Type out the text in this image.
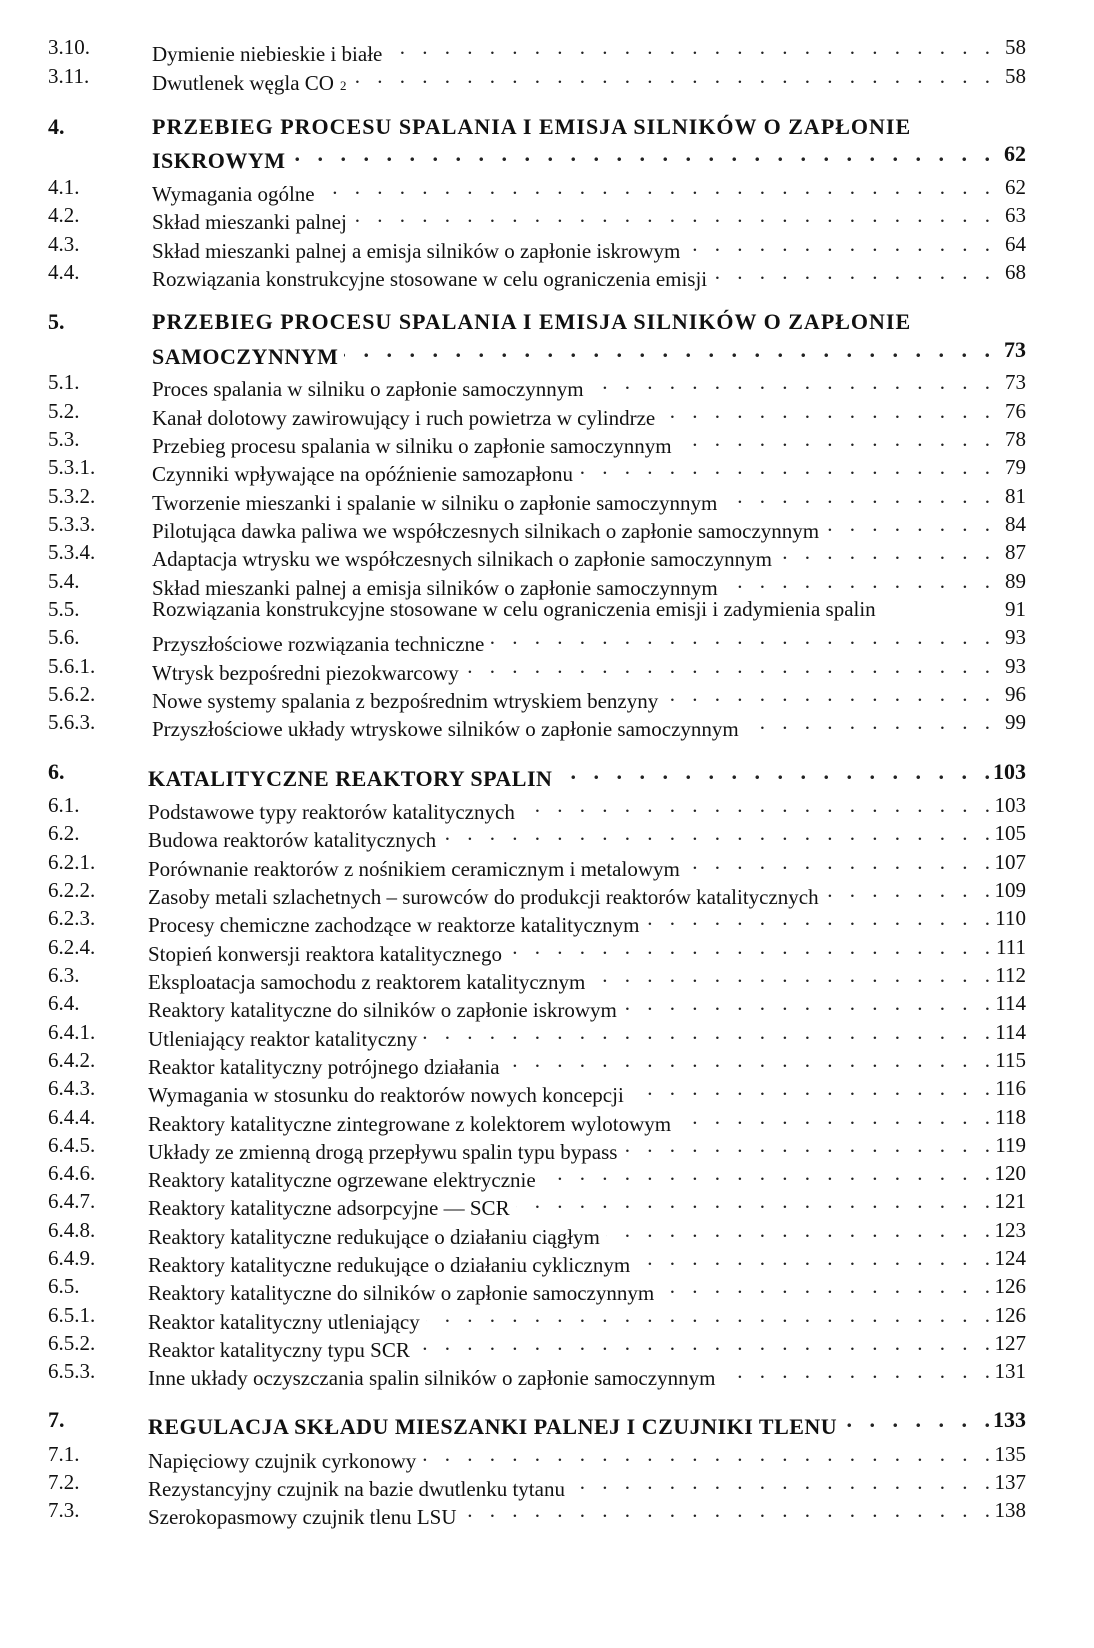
3.10.	Dymienie niebieskie i białe . . .	58
3.11.	Dwutlenek węgla CO 2 . . .	58
4.	PRZEBIEG PROCESU SPALANIA I EMISJA SILNIKÓW O ZAPŁONIE
ISKROWYM . . .	62
4.1.	Wymagania ogólne . . .	62
4.2.	Skład mieszanki palnej . . .	63
4.3.	Skład mieszanki palnej a emisja silników o zapłonie iskrowym . . .	64
4.4.	Rozwiązania konstrukcyjne stosowane w celu ograniczenia emisji . . .	68
5.	PRZEBIEG PROCESU SPALANIA I EMISJA SILNIKÓW O ZAPŁONIE
SAMOCZYNNYM . . .	73
5.1.	Proces spalania w silniku o zapłonie samoczynnym . . .	73
5.2.	Kanał dolotowy zawirowujący i ruch powietrza w cylindrze . . .	76
5.3.	Przebieg procesu spalania w silniku o zapłonie samoczynnym . . .	78
5.3.1.	Czynniki wpływające na opóźnienie samozapłonu . . .	79
5.3.2.	Tworzenie mieszanki i spalanie w silniku o zapłonie samoczynnym . . .	81
5.3.3.	Pilotująca dawka paliwa we współczesnych silnikach o zapłonie samoczynnym . . .	84
5.3.4.	Adaptacja wtrysku we współczesnych silnikach o zapłonie samoczynnym . . .	87
5.4.	Skład mieszanki palnej a emisja silników o zapłonie samoczynnym . . .	89
5.5.	Rozwiązania konstrukcyjne stosowane w celu ograniczenia emisji i zadymienia spalin	91
5.6.	Przyszłościowe rozwiązania techniczne . . .	93
5.6.1.	Wtrysk bezpośredni piezokwarcowy . . .	93
5.6.2.	Nowe systemy spalania z bezpośrednim wtryskiem benzyny . . .	96
5.6.3.	Przyszłościowe układy wtryskowe silników o zapłonie samoczynnym . . .	99
6.	KATALITYCZNE REAKTORY SPALIN . . .	103
6.1.	Podstawowe typy reaktorów katalitycznych . . .	103
6.2.	Budowa reaktorów katalitycznych . . .	105
6.2.1.	Porównanie reaktorów z nośnikiem ceramicznym i metalowym . . .	107
6.2.2.	Zasoby metali szlachetnych – surowców do produkcji reaktorów katalitycznych . . .	109
6.2.3.	Procesy chemiczne zachodzące w reaktorze katalitycznym . . .	110
6.2.4.	Stopień konwersji reaktora katalitycznego . . .	111
6.3.	Eksploatacja samochodu z reaktorem katalitycznym . . .	112
6.4.	Reaktory katalityczne do silników o zapłonie iskrowym . . .	114
6.4.1.	Utleniający reaktor katalityczny . . .	114
6.4.2.	Reaktor katalityczny potrójnego działania . . .	115
6.4.3.	Wymagania w stosunku do reaktorów nowych koncepcji . . .	116
6.4.4.	Reaktory katalityczne zintegrowane z kolektorem wylotowym . . .	118
6.4.5.	Układy ze zmienną drogą przepływu spalin typu bypass . . .	119
6.4.6.	Reaktory katalityczne ogrzewane elektrycznie . . .	120
6.4.7.	Reaktory katalityczne adsorpcyjne — SCR . . .	121
6.4.8.	Reaktory katalityczne redukujące o działaniu ciągłym . . .	123
6.4.9.	Reaktory katalityczne redukujące o działaniu cyklicznym . . .	124
6.5.	Reaktory katalityczne do silników o zapłonie samoczynnym . . .	126
6.5.1.	Reaktor katalityczny utleniający . . .	126
6.5.2.	Reaktor katalityczny typu SCR . . .	127
6.5.3.	Inne układy oczyszczania spalin silników o zapłonie samoczynnym . . .	131
7.	REGULACJA SKŁADU MIESZANKI PALNEJ I CZUJNIKI TLENU . . .	133
7.1.	Napięciowy czujnik cyrkonowy . . .	135
7.2.	Rezystancyjny czujnik na bazie dwutlenku tytanu . . .	137
7.3.	Szerokopasmowy czujnik tlenu LSU . . .	138
